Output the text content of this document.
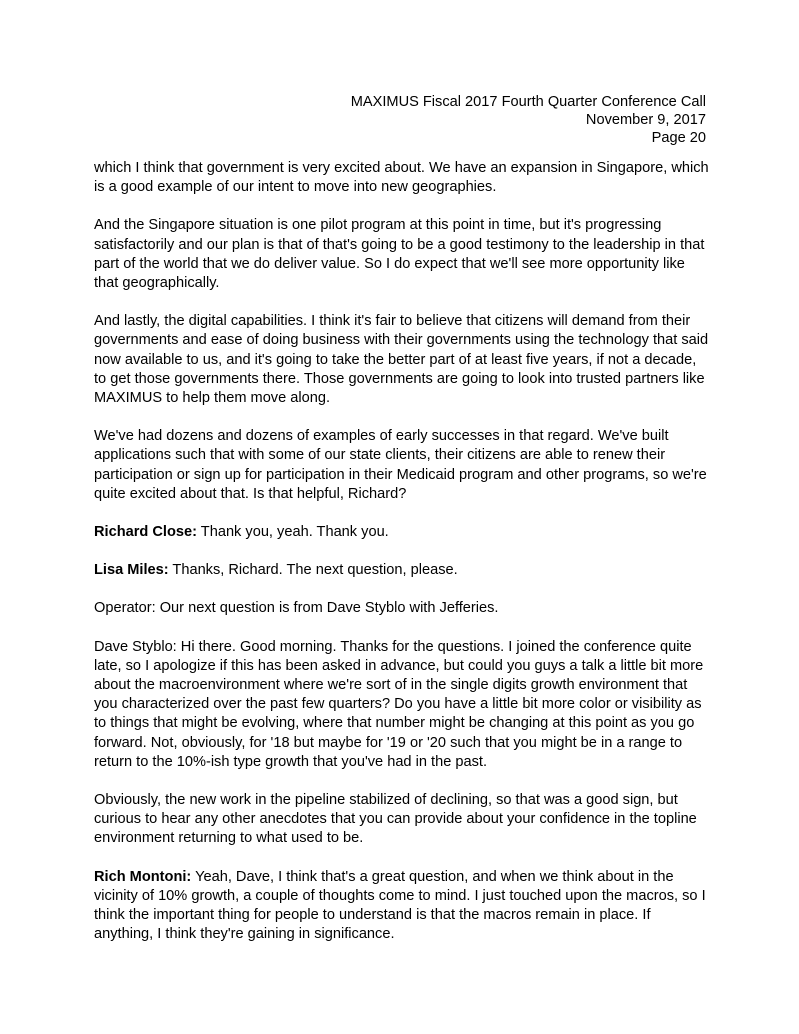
MAXIMUS Fiscal 2017 Fourth Quarter Conference Call
November 9, 2017
Page 20

which I think that government is very excited about. We have an expansion in Singapore, which is a good example of our intent to move into new geographies.

And the Singapore situation is one pilot program at this point in time, but it's progressing satisfactorily and our plan is that of that's going to be a good testimony to the leadership in that part of the world that we do deliver value. So I do expect that we'll see more opportunity like that geographically.

And lastly, the digital capabilities. I think it's fair to believe that citizens will demand from their governments and ease of doing business with their governments using the technology that said now available to us, and it's going to take the better part of at least five years, if not a decade, to get those governments there. Those governments are going to look into trusted partners like MAXIMUS to help them move along.

We've had dozens and dozens of examples of early successes in that regard. We've built applications such that with some of our state clients, their citizens are able to renew their participation or sign up for participation in their Medicaid program and other programs, so we're quite excited about that. Is that helpful, Richard?

Richard Close: Thank you, yeah. Thank you.

Lisa Miles: Thanks, Richard. The next question, please.

Operator: Our next question is from Dave Styblo with Jefferies.

Dave Styblo: Hi there. Good morning. Thanks for the questions. I joined the conference quite late, so I apologize if this has been asked in advance, but could you guys a talk a little bit more about the macroenvironment where we're sort of in the single digits growth environment that you characterized over the past few quarters? Do you have a little bit more color or visibility as to things that might be evolving, where that number might be changing at this point as you go forward. Not, obviously, for '18 but maybe for '19 or '20 such that you might be in a range to return to the 10%-ish type growth that you've had in the past.

Obviously, the new work in the pipeline stabilized of declining, so that was a good sign, but curious to hear any other anecdotes that you can provide about your confidence in the topline environment returning to what used to be.

Rich Montoni: Yeah, Dave, I think that's a great question, and when we think about in the vicinity of 10% growth, a couple of thoughts come to mind. I just touched upon the macros, so I think the important thing for people to understand is that the macros remain in place. If anything, I think they're gaining in significance.
